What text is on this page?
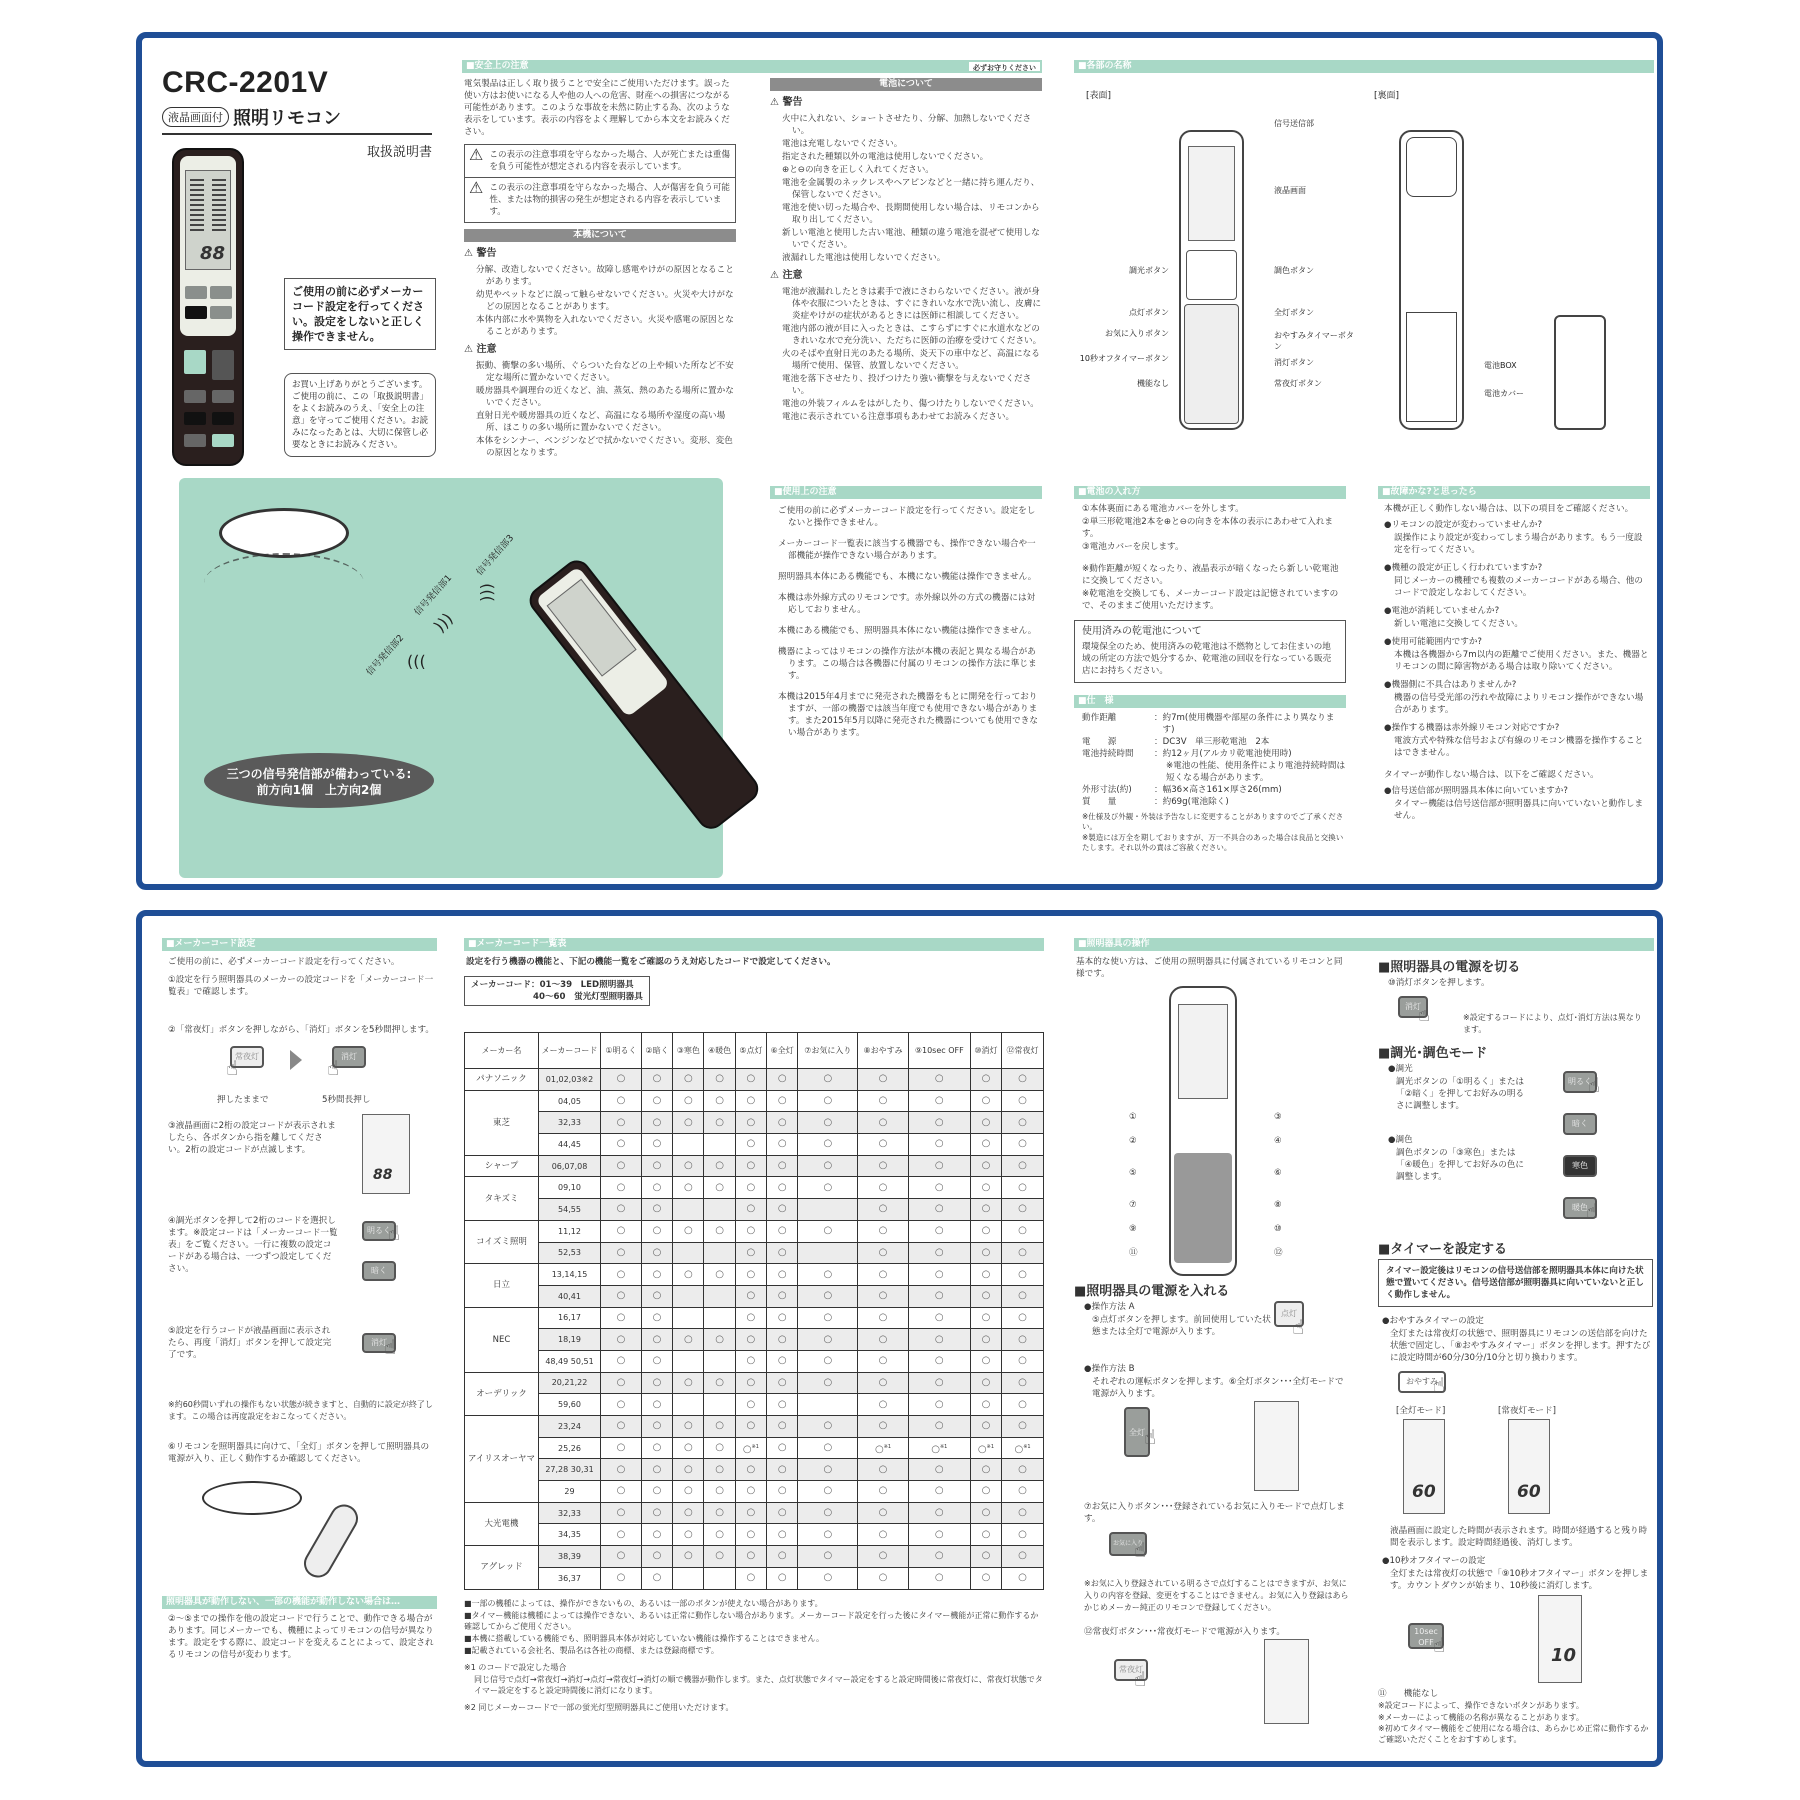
CRC-2201V
液晶画面付 照明リモコン
取扱説明書
88
ご使用の前に必ずメーカーコード設定を行ってください。設定をしないと正しく操作できません。
お買い上げありがとうございます。ご使用の前に、この「取扱説明書」をよくお読みのうえ、「安全上の注意」を守ってご使用ください。お読みになったあとは、大切に保管し必要なときにお読みください。
信号発信部1
信号発信部2
信号発信部3
)))
)))
)))
三つの信号発信部が備わっている:
前方向1個　上方向2個
■安全上の注意	必ずお守りください

電気製品は正しく取り扱うことで安全にご使用いただけます。誤った使い方はお使いになる人や他の人への危害、財産への損害につながる可能性があります。このような事故を未然に防止する為、次のような表示をしています。表示の内容をよく理解してから本文をお読みください。

⚠ この表示の注意事項を守らなかった場合、人が死亡または重傷を負う可能性が想定される内容を表示しています。
⚠ この表示の注意事項を守らなかった場合、人が傷害を負う可能性、または物的損害の発生が想定される内容を表示しています。
本機について
⚠ 警告

分解、改造しないでください。故障し感電やけがの原因となることがあります。

幼児やペットなどに誤って触らせないでください。火災や大けがなどの原因となることがあります。

本体内部に水や異物を入れないでください。火災や感電の原因となることがあります。

⚠ 注意

振動、衝撃の多い場所、ぐらついた台などの上や傾いた所など不安定な場所に置かないでください。

暖房器具や調理台の近くなど、油、蒸気、熱のあたる場所に置かないでください。

直射日光や暖房器具の近くなど、高温になる場所や湿度の高い場所、ほこりの多い場所に置かないでください。

本体をシンナー、ベンジンなどで拭かないでください。変形、変色の原因となります。

電池について
⚠ 警告

火中に入れない、ショートさせたり、分解、加熱しないでください。

電池は充電しないでください。

指定された種類以外の電池は使用しないでください。

⊕と⊖の向きを正しく入れてください。

電池を金属製のネックレスやヘアピンなどと一緒に持ち運んだり、保管しないでください。

電池を使い切った場合や、長期間使用しない場合は、リモコンから取り出してください。

新しい電池と使用した古い電池、種類の違う電池を混ぜて使用しないでください。

液漏れした電池は使用しないでください。

⚠ 注意

電池が液漏れしたときは素手で液にさわらないでください。液が身体や衣服についたときは、すぐにきれいな水で洗い流し、皮膚に炎症やけがの症状があるときには医師に相談してください。

電池内部の液が目に入ったときは、こすらずにすぐに水道水などのきれいな水で充分洗い、ただちに医師の治療を受けてください。

火のそばや直射日光のあたる場所、炎天下の車中など、高温になる場所で使用、保管、放置しないでください。

電池を落下させたり、投げつけたり強い衝撃を与えないでください。

電池の外装フィルムをはがしたり、傷つけたりしないでください。

電池に表示されている注意事項もあわせてお読みください。

■使用上の注意

ご使用の前に必ずメーカーコード設定を行ってください。設定をしないと操作できません。

メーカーコード一覧表に該当する機器でも、操作できない場合や一部機能が操作できない場合があります。

照明器具本体にある機能でも、本機にない機能は操作できません。

本機は赤外線方式のリモコンです。赤外線以外の方式の機器には対応しておりません。

本機にある機能でも、照明器具本体にない機能は操作できません。

機器によってはリモコンの操作方法が本機の表記と異なる場合があります。この場合は各機器に付属のリモコンの操作方法に準じます。

本機は2015年4月までに発売された機器をもとに開発を行っておりますが、一部の機器では該当年度でも使用できない場合があります。また2015年5月以降に発売された機器についても使用できない場合があります。

■各部の名称
[表面]	[裏面]
信号送信部
液晶画面
調色ボタン
全灯ボタン
おやすみタイマーボタン
消灯ボタン
常夜灯ボタン
調光ボタン
点灯ボタン
お気に入りボタン
10秒オフタイマーボタン
機能なし
電池BOX
電池カバー
■電池の入れ方

①本体裏面にある電池カバーを外します。

②単三形乾電池2本を⊕と⊖の向きを本体の表示にあわせて入れます。

③電池カバーを戻します。

※動作距離が短くなったり、液晶表示が暗くなったら新しい乾電池に交換してください。

※乾電池を交換しても、メーカーコード設定は記憶されていますので、そのままご使用いただけます。

使用済みの乾電池について
環境保全のため、使用済みの乾電池は不燃物としてお住まいの地域の所定の方法で処分するか、乾電池の回収を行なっている販売店にお持ちください。
■仕　様
動作距離	： 約7m(使用機器や部屋の条件により異なります)
電　　源	： DC3V　単三形乾電池　2本
電池持続時間	： 約12ヶ月(アルカリ乾電池使用時)
※電池の性能、使用条件により電池持続時間は短くなる場合があります。
外形寸法(約)	： 幅36×高さ161×厚さ26(mm)
質　　量	： 約69g(電池除く)

※仕様及び外観・外装は予告なしに変更することがありますのでご了承ください。

※製造には万全を期しておりますが、万一不具合のあった場合は良品と交換いたします。それ以外の責はご容赦ください。

■故障かな?と思ったら

本機が正しく動作しない場合は、以下の項目をご確認ください。

●リモコンの設定が変わっていませんか?

誤操作により設定が変わってしまう場合があります。もう一度設定を行ってください。

●機種の設定が正しく行われていますか?

同じメーカーの機種でも複数のメーカーコードがある場合、他のコードで設定しなおしてください。

●電池が消耗していませんか?

新しい電池に交換してください。

●使用可能範囲内ですか?

本機は各機器から7m以内の距離でご使用ください。また、機器とリモコンの間に障害物がある場合は取り除いてください。

●機器側に不具合はありませんか?

機器の信号受光部の汚れや故障によりリモコン操作ができない場合があります。

●操作する機器は赤外線リモコン対応ですか?

電波方式や特殊な信号および有線のリモコン機器を操作することはできません。

タイマーが動作しない場合は、以下をご確認ください。

●信号送信部が照明器具本体に向いていますか?

タイマー機能は信号送信部が照明器具に向いていないと動作しません。

■メーカーコード設定

ご使用の前に、必ずメーカーコード設定を行ってください。

①設定を行う照明器具のメーカーの設定コードを「メーカーコード一覧表」で確認します。

②「常夜灯」ボタンを押しながら、「消灯」ボタンを5秒間押します。

常夜灯
☝	消灯
☝
押したままで	5秒間長押し

③液晶画面に2桁の設定コードが表示されましたら、各ボタンから指を離してください。2桁の設定コードが点滅します。

88

④調光ボタンを押して2桁のコードを選択します。※設定コードは「メーカーコード一覧表」をご覧ください。一行に複数の設定コードがある場合は、一つずつ設定してください。

明るく
☝
暗く

⑤設定を行うコードが液晶画面に表示されたら、再度「消灯」ボタンを押して設定完了です。

消灯
☝

※約60秒間いずれの操作もない状態が続きますと、自動的に設定が終了します。この場合は再度設定をおこなってください。

⑥リモコンを照明器具に向けて、「全灯」ボタンを押して照明器具の電源が入り、正しく動作するか確認してください。

照明器具が動作しない、一部の機能が動作しない場合は…

②〜⑤までの操作を他の設定コードで行うことで、動作できる場合があります。同じメーカーでも、機種によってリモコンの信号が異なります。設定をする際に、設定コードを変えることによって、設定されるリモコンの信号が変わります。

■メーカーコード一覧表

設定を行う機器の機能と、下記の機能一覧をご確認のうえ対応したコードで設定してください。

メーカーコード：01〜39　LED照明器具
40〜60　蛍光灯型照明器具
メーカー名	メーカーコード	①明るく	②暗く	③寒色	④暖色	⑤点灯	⑥全灯	⑦お気に入り	⑧おやすみ	⑨10sec OFF	⑩消灯	⑫常夜灯
パナソニック	01,02,03※2	○	○	○	○	○	○	○	○	○	○	○
東芝	04,05	○	○	○	○	○	○	○	○	○	○	○
	32,33	○	○	○	○	○	○	○	○	○	○	○
	44,45	○	○			○	○	○	○	○	○	○
シャープ	06,07,08	○	○	○	○	○	○	○	○	○	○	○
タキズミ	09,10	○	○	○	○	○	○	○	○	○	○	○
	54,55	○	○			○	○		○	○	○	○
コイズミ照明	11,12	○	○	○	○	○	○	○	○	○	○	○
	52,53	○	○			○	○		○	○	○	○
日立	13,14,15	○	○	○	○	○	○	○	○	○	○	○
	40,41	○	○			○	○	○	○	○	○	○
NEC	16,17	○	○			○	○	○	○	○	○	○
	18,19	○	○	○	○	○	○	○	○	○	○	○
	48,49 50,51	○	○			○	○	○	○	○	○	○
オーデリック	20,21,22	○	○	○	○	○	○	○	○	○	○	○
	59,60	○	○			○	○		○	○	○	○
アイリスオーヤマ	23,24	○	○	○	○	○	○	○	○	○	○	○
	25,26	○	○	○	○	○$^{※1}$	○	○	○$^{※1}$	○$^{※1}$	○$^{※1}$	○$^{※1}$
	27,28 30,31	○	○	○	○	○	○	○	○	○	○	○
	29	○	○	○	○	○	○	○	○	○	○	○
大光電機	32,33	○	○	○	○	○	○	○	○	○	○	○
	34,35	○	○	○	○	○	○	○	○	○	○	○
アグレッド	38,39	○	○	○	○	○	○	○	○	○	○	○
	36,37	○	○			○	○	○	○	○	○	○

■一部の機種によっては、操作ができないもの、あるいは一部のボタンが使えない場合があります。

■タイマー機能は機種によっては操作できない、あるいは正常に動作しない場合があります。メーカーコード設定を行った後にタイマー機能が正常に動作するか確認してからご使用ください。

■本機に搭載している機能でも、照明器具本体が対応していない機能は操作することはできません。

■記載されている会社名、製品名は各社の商標、または登録商標です。

※1 のコードで設定した場合

同じ信号で点灯→常夜灯→消灯→点灯→常夜灯→消灯の順で機器が動作します。また、点灯状態でタイマー設定をすると設定時間後に常夜灯に、常夜灯状態でタイマー設定をすると設定時間後に消灯になります。

※2 同じメーカーコードで一部の蛍光灯型照明器具にご使用いただけます。

■照明器具の操作

基本的な使い方は、ご使用の照明器具に付属されているリモコンと同様です。

①
②
⑤
⑦
⑨
⑪
③
④
⑥
⑧
⑩
⑫
■照明器具の電源を入れる

●操作方法 A

⑤点灯ボタンを押します。前回使用していた状態または全灯で電源が入ります。

点灯
☝

●操作方法 B

それぞれの運転ボタンを押します。⑥全灯ボタン･･･全灯モードで電源が入ります。

全灯 ☝

⑦お気に入りボタン･･･登録されているお気に入りモードで点灯します。

お気に入り
☝

※お気に入り登録されている明るさで点灯することはできますが、お気に入りの内容を登録、変更をすることはできません。お気に入り登録はあらかじめメーカー純正のリモコンで登録してください。

⑫常夜灯ボタン･･･常夜灯モードで電源が入ります。

常夜灯
☝
■照明器具の電源を切る

⑩消灯ボタンを押します。

消灯
☝	※設定するコードにより、点灯･消灯方法は異なります。

■調光･調色モード

●調光

調光ボタンの「①明るく」または「②暗く」を押してお好みの明るさに調整します。

●調色

調色ボタンの「③寒色」または「④暖色」を押してお好みの色に調整します。

明るく
☝
暗く
寒色
暖色
☝
■タイマーを設定する
タイマー設定後はリモコンの信号送信部を照明器具本体に向けた状態で置いてください。信号送信部が照明器具に向いていないと正しく動作しません。

●おやすみタイマーの設定

全灯または常夜灯の状態で、照明器具にリモコンの送信部を向けた状態で固定し、「⑧おやすみタイマー」ボタンを押します。押すたびに設定時間が60分/30分/10分と切り換わります。

おやすみ
☝
[全灯モード]	[常夜灯モード]
60	60

液晶画面に設定した時間が表示されます。時間が経過すると残り時間を表示します。設定時間経過後、消灯します。

●10秒オフタイマーの設定

全灯または常夜灯の状態で「⑨10秒オフタイマー」ボタンを押します。カウントダウンが始まり、10秒後に消灯します。

10sec OFF ☝	10

⑪　　機能なし

※設定コードによって、操作できないボタンがあります。

※メーカーによって機能の名称が異なることがあります。

※初めてタイマー機能をご使用になる場合は、あらかじめ正常に動作するかご確認いただくことをおすすめします。
